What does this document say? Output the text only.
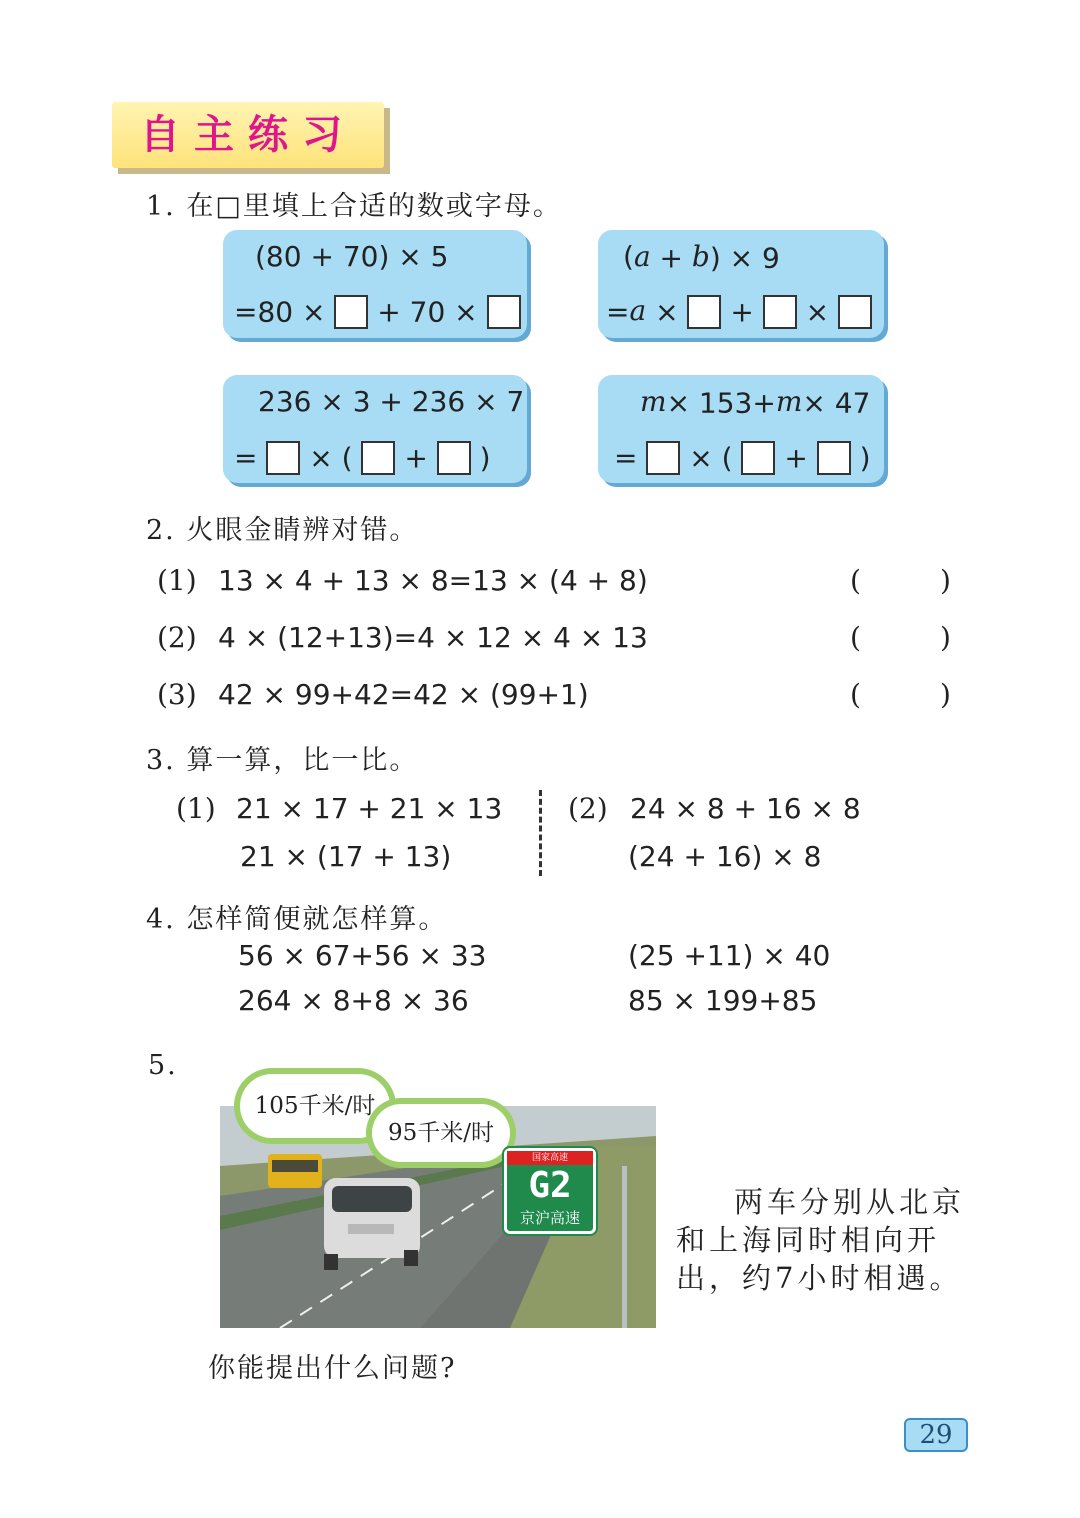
自主练习
1. 在□里填上合适的数或字母。
(80 + 70) × 5
=80 × + 70 ×
(a + b) × 9
=a × + ×
236 × 3 + 236 × 7
= × ( + )
m× 153+m× 47
= × ( + )
2. 火眼金睛辨对错。
(1) 13 × 4 + 13 × 8=13 × (4 + 8)	(	)
(2) 4 × (12+13)=4 × 12 × 4 × 13	(	)
(3) 42 × 99+42=42 × (99+1)	(	)
3. 算一算，比一比。
(1) 21 × 17 + 21 × 13
21 × (17 + 13)
(2) 24 × 8 + 16 × 8
(24 + 16) × 8
4. 怎样简便就怎样算。
56 × 67+56 × 33	(25 +11) × 40
264 × 8+8 × 36	85 × 199+85
5.
105千米/时
95千米/时
国家高速
G2
京沪高速	两车分别从北京
和上海同时相向开
出，约7小时相遇。
你能提出什么问题?
29
